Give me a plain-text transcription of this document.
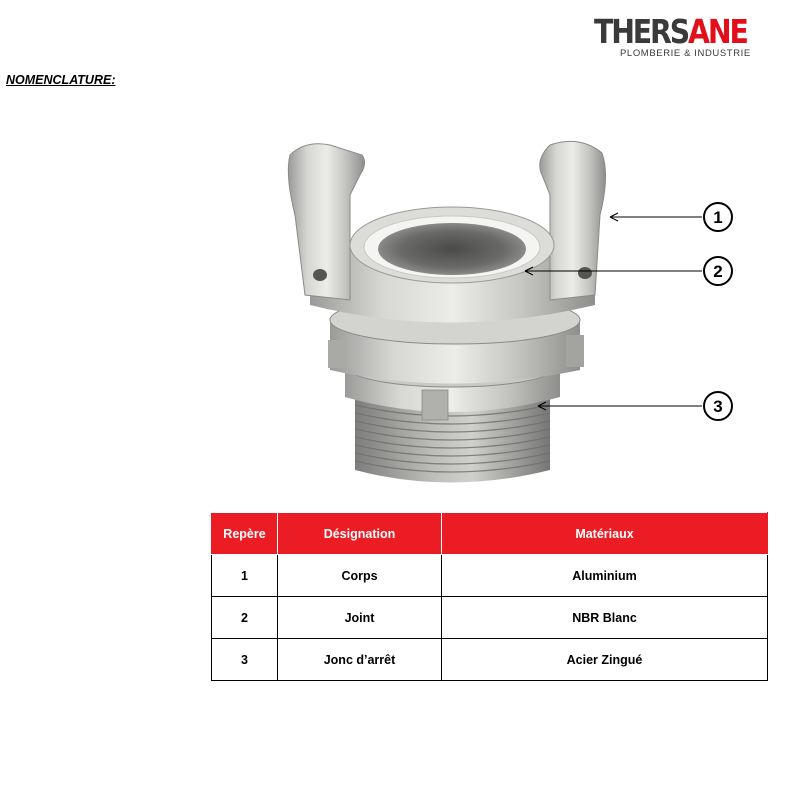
THERSANE
PLOMBERIE & INDUSTRIE
NOMENCLATURE:
1
2
3
Repère	Désignation	Matériaux
1	Corps	Aluminium
2	Joint	NBR Blanc
3	Jonc d’arrêt	Acier Zingué
